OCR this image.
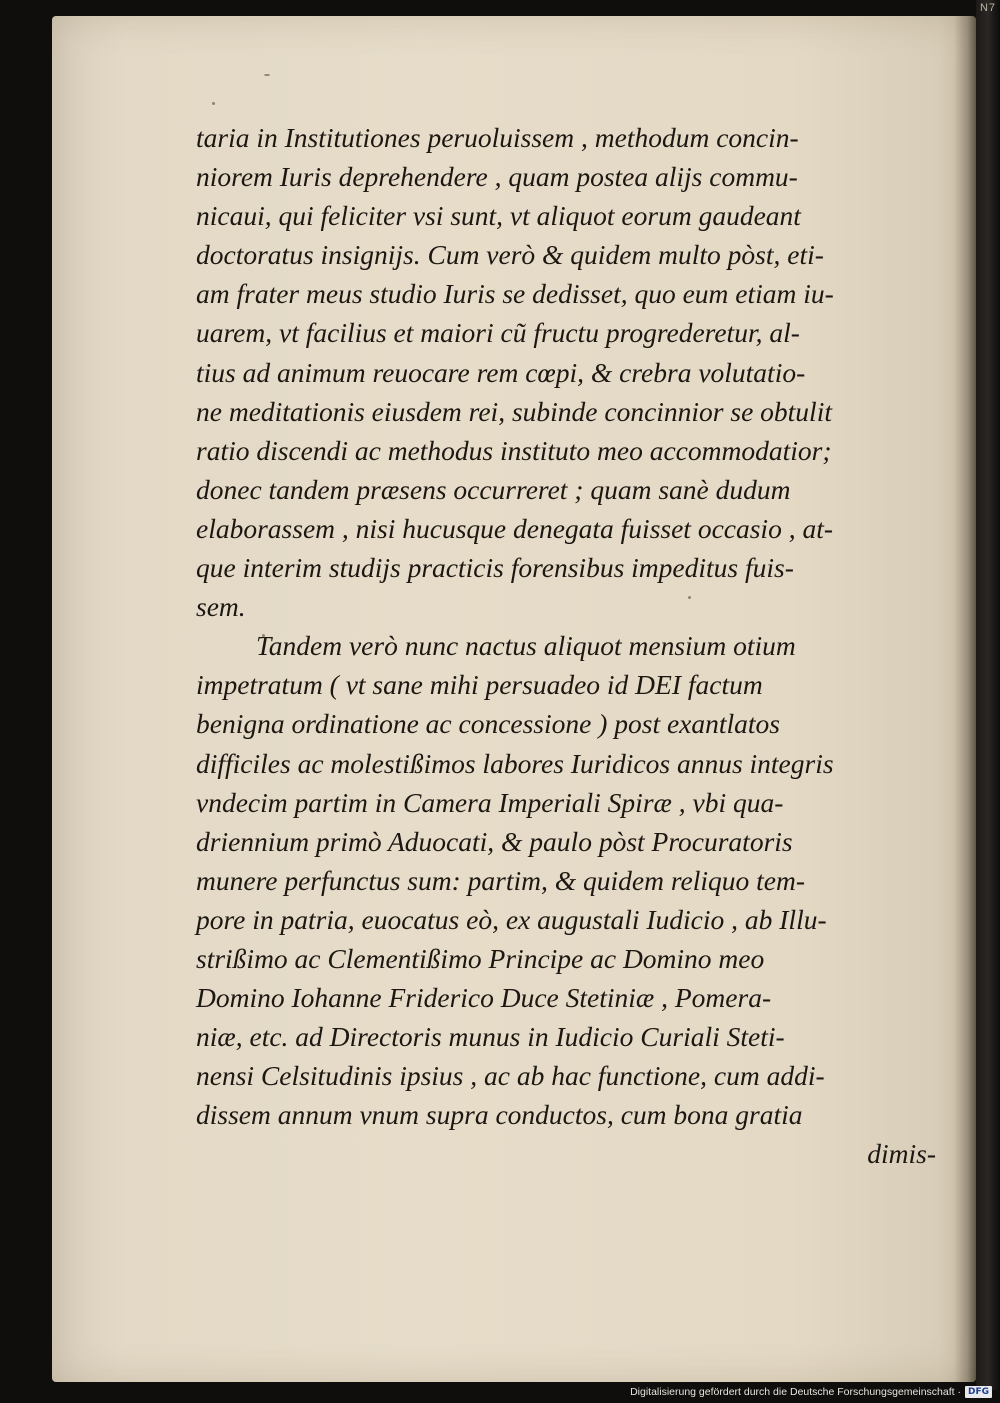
N7
taria in Institutiones peruoluissem , methodum concin-
niorem Iuris deprehendere , quam postea alijs commu-
nicaui, qui feliciter vsi sunt, vt aliquot eorum gaudeant
doctoratus insignijs. Cum verò & quidem multo pòst, eti-
am frater meus studio Iuris se dedisset, quo eum etiam iu-
uarem, vt facilius et maiori cũ fructu progrederetur, al-
tius ad animum reuocare rem cœpi, & crebra volutatio-
ne meditationis eiusdem rei, subinde concinnior se obtulit
ratio discendi ac methodus instituto meo accommodatior;
donec tandem præsens occurreret ; quam sanè dudum
elaborassem , nisi hucusque denegata fuisset occasio , at-
que interim studijs practicis forensibus impeditus fuis-
sem.
Tandem verò nunc nactus aliquot mensium otium
impetratum ( vt sane mihi persuadeo id DEI factum
benigna ordinatione ac concessione ) post exantlatos
difficiles ac molestißimos labores Iuridicos annus integris
vndecim partim in Camera Imperiali Spiræ , vbi qua-
driennium primò Aduocati, & paulo pòst Procuratoris
munere perfunctus sum: partim, & quidem reliquo tem-
pore in patria, euocatus eò, ex augustali Iudicio , ab Illu-
strißimo ac Clementißimo Principe ac Domino meo
Domino Iohanne Friderico Duce Stetiniæ , Pomera-
niæ, etc. ad Directoris munus in Iudicio Curiali Steti-
nensi Celsitudinis ipsius , ac ab hac functione, cum addi-
dissem annum vnum supra conductos, cum bona gratia
dimis-
Digitalisierung gefördert durch die Deutsche Forschungsgemeinschaft · DFG
